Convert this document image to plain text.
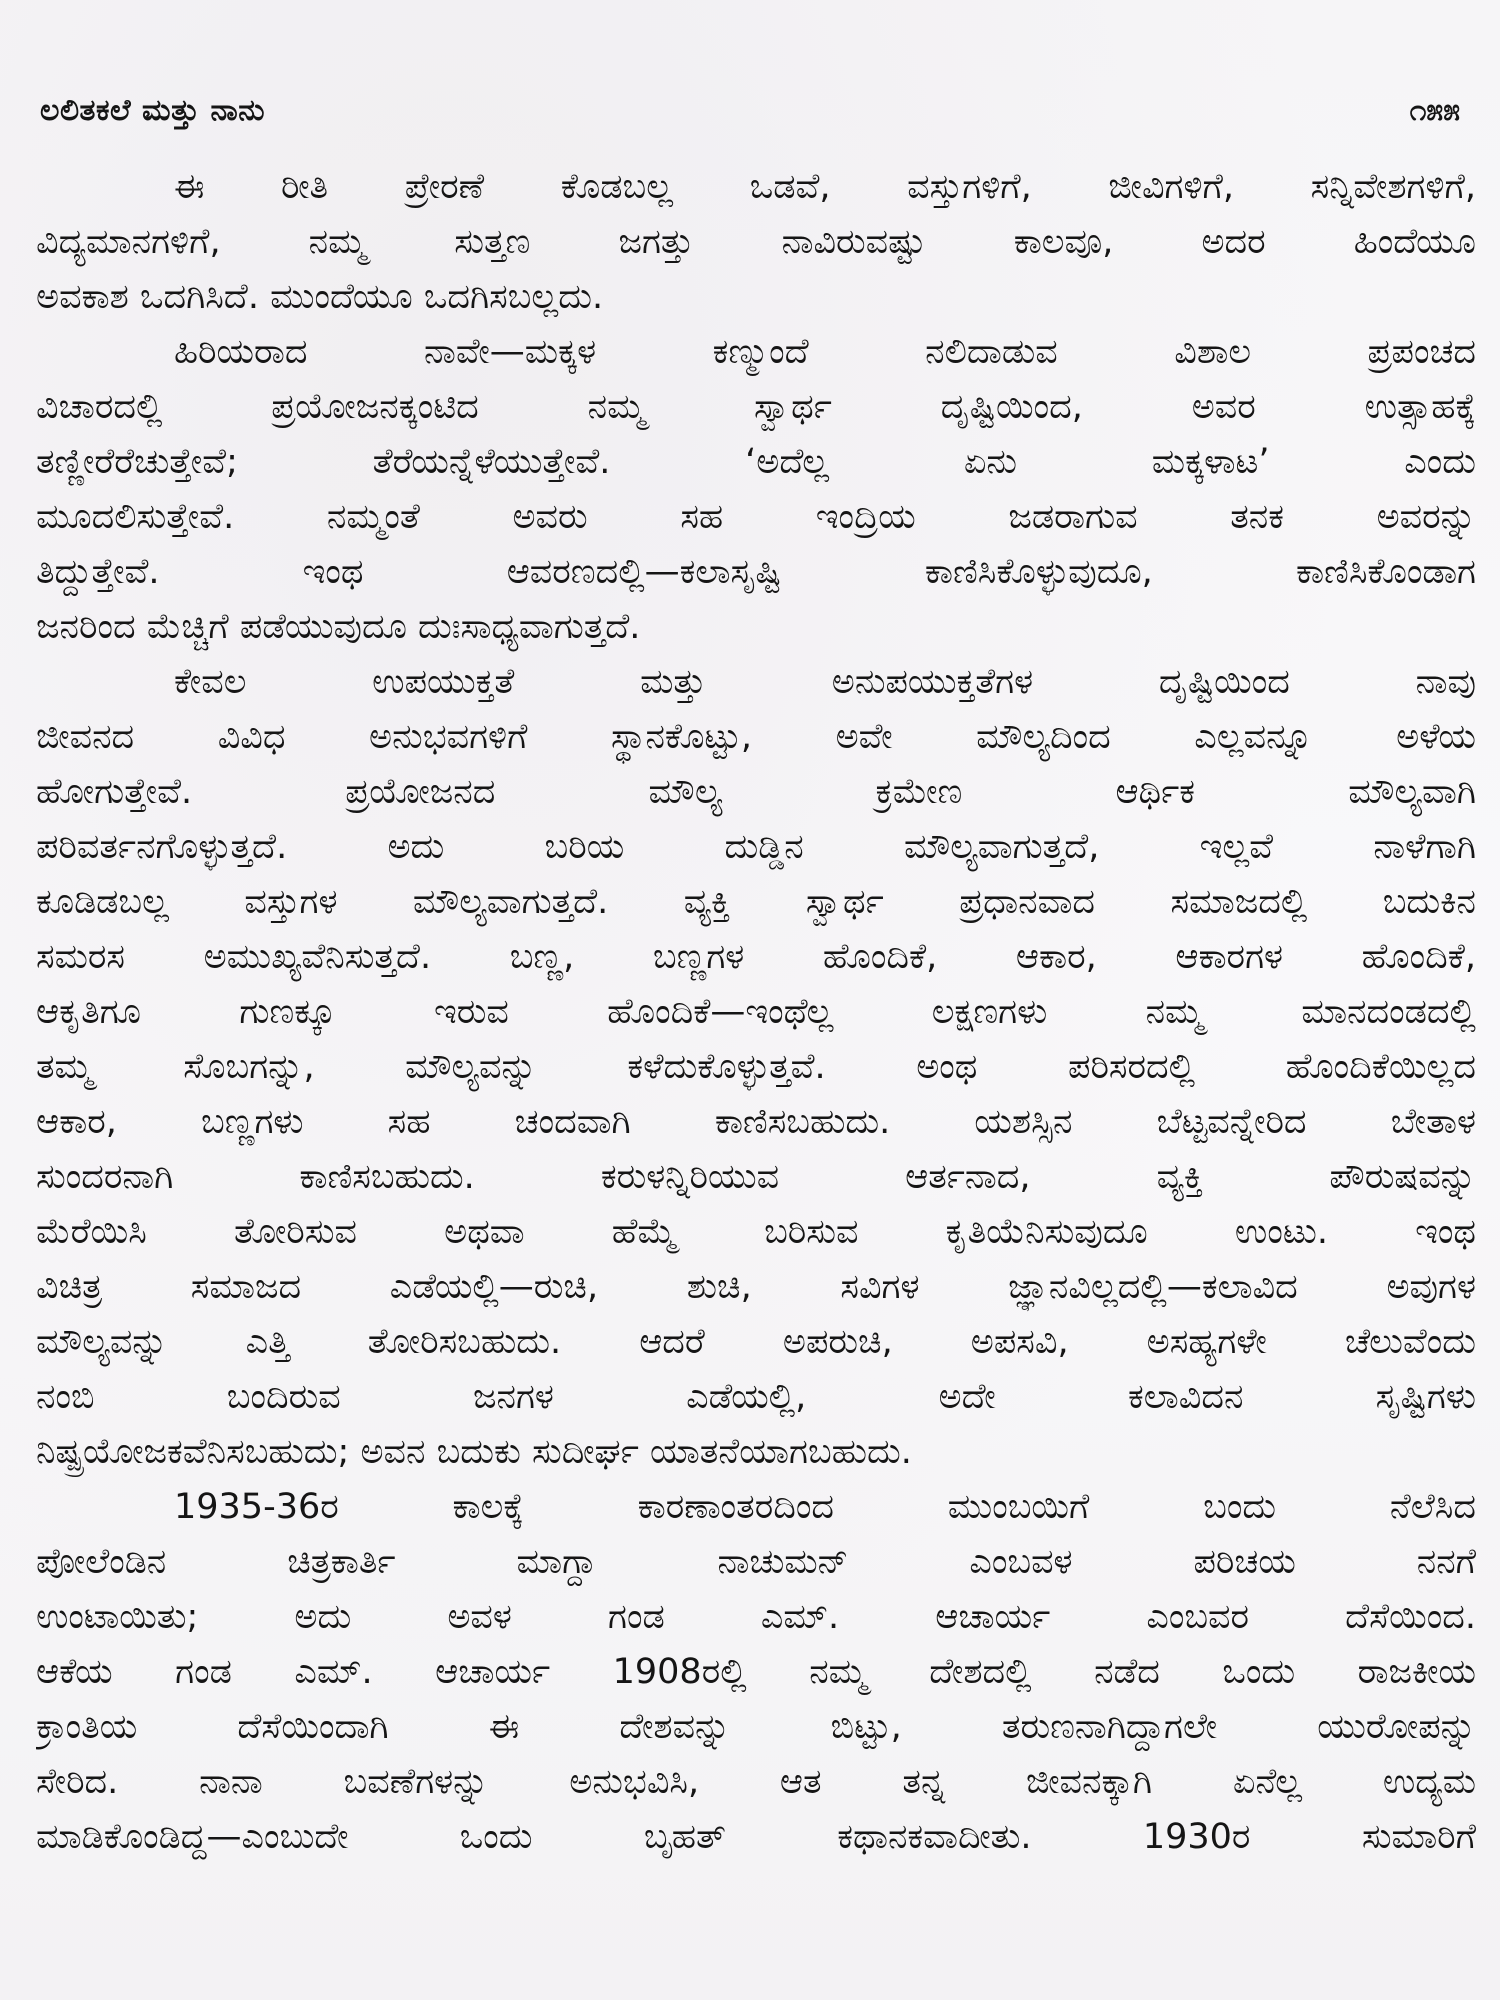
ಲಲಿತಕಲೆ ಮತ್ತು ನಾನು	೧೫೫
ಈ ರೀತಿ ಪ್ರೇರಣೆ ಕೊಡಬಲ್ಲ ಒಡವೆ, ವಸ್ತುಗಳಿಗೆ, ಜೀವಿಗಳಿಗೆ, ಸನ್ನಿವೇಶಗಳಿಗೆ,
ವಿದ್ಯಮಾನಗಳಿಗೆ, ನಮ್ಮ ಸುತ್ತಣ ಜಗತ್ತು ನಾವಿರುವಷ್ಟು ಕಾಲವೂ, ಅದರ ಹಿಂದೆಯೂ
ಅವಕಾಶ ಒದಗಿಸಿದೆ. ಮುಂದೆಯೂ ಒದಗಿಸಬಲ್ಲದು.
ಹಿರಿಯರಾದ ನಾವೇ—ಮಕ್ಕಳ ಕಣ್ಮುಂದೆ ನಲಿದಾಡುವ ವಿಶಾಲ ಪ್ರಪಂಚದ
ವಿಚಾರದಲ್ಲಿ ಪ್ರಯೋಜನಕ್ಕಂಟಿದ ನಮ್ಮ ಸ್ವಾರ್ಥ ದೃಷ್ಟಿಯಿಂದ, ಅವರ ಉತ್ಸಾಹಕ್ಕೆ
ತಣ್ಣೀರೆರೆಚುತ್ತೇವೆ; ತೆರೆಯನ್ನೆಳೆಯುತ್ತೇವೆ. ‘ಅದೆಲ್ಲ ಏನು ಮಕ್ಕಳಾಟ’ ಎಂದು
ಮೂದಲಿಸುತ್ತೇವೆ. ನಮ್ಮಂತೆ ಅವರು ಸಹ ಇಂದ್ರಿಯ ಜಡರಾಗುವ ತನಕ ಅವರನ್ನು
ತಿದ್ದುತ್ತೇವೆ. ಇಂಥ ಆವರಣದಲ್ಲಿ—ಕಲಾಸೃಷ್ಟಿ ಕಾಣಿಸಿಕೊಳ್ಳುವುದೂ, ಕಾಣಿಸಿಕೊಂಡಾಗ
ಜನರಿಂದ ಮೆಚ್ಚಿಗೆ ಪಡೆಯುವುದೂ ದುಃಸಾಧ್ಯವಾಗುತ್ತದೆ.
ಕೇವಲ ಉಪಯುಕ್ತತೆ ಮತ್ತು ಅನುಪಯುಕ್ತತೆಗಳ ದೃಷ್ಟಿಯಿಂದ ನಾವು
ಜೀವನದ ವಿವಿಧ ಅನುಭವಗಳಿಗೆ ಸ್ಥಾನಕೊಟ್ಟು, ಅವೇ ಮೌಲ್ಯದಿಂದ ಎಲ್ಲವನ್ನೂ ಅಳೆಯ
ಹೋಗುತ್ತೇವೆ. ಪ್ರಯೋಜನದ ಮೌಲ್ಯ ಕ್ರಮೇಣ ಆರ್ಥಿಕ ಮೌಲ್ಯವಾಗಿ
ಪರಿವರ್ತನಗೊಳ್ಳುತ್ತದೆ. ಅದು ಬರಿಯ ದುಡ್ಡಿನ ಮೌಲ್ಯವಾಗುತ್ತದೆ, ಇಲ್ಲವೆ ನಾಳೆಗಾಗಿ
ಕೂಡಿಡಬಲ್ಲ ವಸ್ತುಗಳ ಮೌಲ್ಯವಾಗುತ್ತದೆ. ವ್ಯಕ್ತಿ ಸ್ವಾರ್ಥ ಪ್ರಧಾನವಾದ ಸಮಾಜದಲ್ಲಿ ಬದುಕಿನ
ಸಮರಸ ಅಮುಖ್ಯವೆನಿಸುತ್ತದೆ. ಬಣ್ಣ, ಬಣ್ಣಗಳ ಹೊಂದಿಕೆ, ಆಕಾರ, ಆಕಾರಗಳ ಹೊಂದಿಕೆ,
ಆಕೃತಿಗೂ ಗುಣಕ್ಕೂ ಇರುವ ಹೊಂದಿಕೆ—ಇಂಥೆಲ್ಲ ಲಕ್ಷಣಗಳು ನಮ್ಮ ಮಾನದಂಡದಲ್ಲಿ
ತಮ್ಮ ಸೊಬಗನ್ನು, ಮೌಲ್ಯವನ್ನು ಕಳೆದುಕೊಳ್ಳುತ್ತವೆ. ಅಂಥ ಪರಿಸರದಲ್ಲಿ ಹೊಂದಿಕೆಯಿಲ್ಲದ
ಆಕಾರ, ಬಣ್ಣಗಳು ಸಹ ಚಂದವಾಗಿ ಕಾಣಿಸಬಹುದು. ಯಶಸ್ಸಿನ ಬೆಟ್ಟವನ್ನೇರಿದ ಬೇತಾಳ
ಸುಂದರನಾಗಿ ಕಾಣಿಸಬಹುದು. ಕರುಳನ್ನಿರಿಯುವ ಆರ್ತನಾದ, ವ್ಯಕ್ತಿ ಪೌರುಷವನ್ನು
ಮೆರೆಯಿಸಿ ತೋರಿಸುವ ಅಥವಾ ಹೆಮ್ಮೆ ಬರಿಸುವ ಕೃತಿಯೆನಿಸುವುದೂ ಉಂಟು. ಇಂಥ
ವಿಚಿತ್ರ ಸಮಾಜದ ಎಡೆಯಲ್ಲಿ—ರುಚಿ, ಶುಚಿ, ಸವಿಗಳ ಜ್ಞಾನವಿಲ್ಲದಲ್ಲಿ—ಕಲಾವಿದ ಅವುಗಳ
ಮೌಲ್ಯವನ್ನು ಎತ್ತಿ ತೋರಿಸಬಹುದು. ಆದರೆ ಅಪರುಚಿ, ಅಪಸವಿ, ಅಸಹ್ಯಗಳೇ ಚೆಲುವೆಂದು
ನಂಬಿ ಬಂದಿರುವ ಜನಗಳ ಎಡೆಯಲ್ಲಿ, ಅದೇ ಕಲಾವಿದನ ಸೃಷ್ಟಿಗಳು
ನಿಷ್ಪ್ರಯೋಜಕವೆನಿಸಬಹುದು; ಅವನ ಬದುಕು ಸುದೀರ್ಘ ಯಾತನೆಯಾಗಬಹುದು.
1935-36ರ ಕಾಲಕ್ಕೆ ಕಾರಣಾಂತರದಿಂದ ಮುಂಬಯಿಗೆ ಬಂದು ನೆಲೆಸಿದ
ಪೋಲೆಂಡಿನ ಚಿತ್ರಕಾರ್ತಿ ಮಾಗ್ದಾ ನಾಚುಮನ್ ಎಂಬವಳ ಪರಿಚಯ ನನಗೆ
ಉಂಟಾಯಿತು; ಅದು ಅವಳ ಗಂಡ ಎಮ್. ಆಚಾರ್ಯ ಎಂಬವರ ದೆಸೆಯಿಂದ.
ಆಕೆಯ ಗಂಡ ಎಮ್. ಆಚಾರ್ಯ 1908ರಲ್ಲಿ ನಮ್ಮ ದೇಶದಲ್ಲಿ ನಡೆದ ಒಂದು ರಾಜಕೀಯ
ಕ್ರಾಂತಿಯ ದೆಸೆಯಿಂದಾಗಿ ಈ ದೇಶವನ್ನು ಬಿಟ್ಟು, ತರುಣನಾಗಿದ್ದಾಗಲೇ ಯುರೋಪನ್ನು
ಸೇರಿದ. ನಾನಾ ಬವಣೆಗಳನ್ನು ಅನುಭವಿಸಿ, ಆತ ತನ್ನ ಜೀವನಕ್ಕಾಗಿ ಏನೆಲ್ಲ ಉದ್ಯಮ
ಮಾಡಿಕೊಂಡಿದ್ದ—ಎಂಬುದೇ ಒಂದು ಬೃಹತ್ ಕಥಾನಕವಾದೀತು. 1930ರ ಸುಮಾರಿಗೆ
